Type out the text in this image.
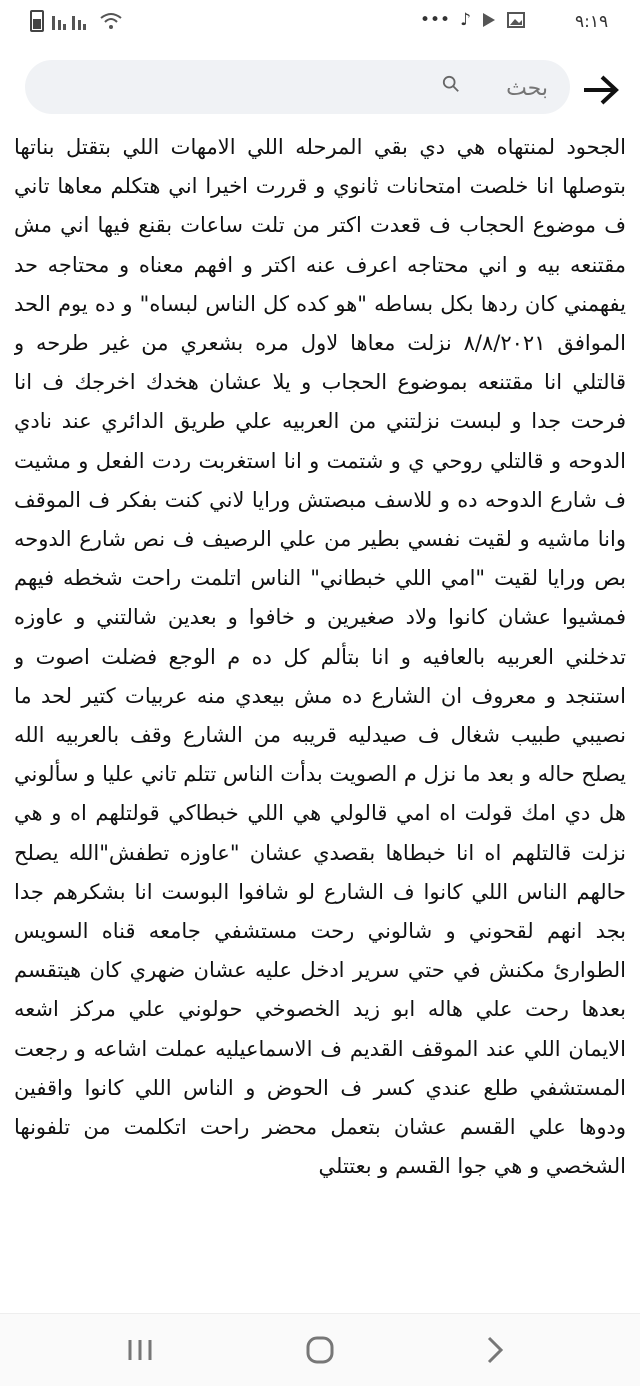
••• ♪	٩:١٩
بحث

الجحود لمنتهاه هي دي بقي المرحله اللي الامهات اللي بتقتل بناتها بتوصلها انا خلصت امتحانات ثانوي و قررت اخيرا اني هتكلم معاها تاني ف موضوع الحجاب ف قعدت اكتر من تلت ساعات بقنع فيها اني مش مقتنعه بيه و اني محتاجه اعرف عنه اكتر و افهم معناه و محتاجه حد يفهمني كان ردها بكل بساطه "هو كده كل الناس لبساه" و ده يوم الحد الموافق ٨/٨/٢٠٢١ نزلت معاها لاول مره بشعري من غير طرحه و قالتلي انا مقتنعه بموضوع الحجاب و يلا عشان هخدك اخرجك ف انا فرحت جدا و لبست نزلتني من العربيه علي طريق الدائري عند نادي الدوحه و قالتلي روحي ي و شتمت و انا استغربت ردت الفعل و مشيت ف شارع الدوحه ده و للاسف مبصتش ورايا لاني كنت بفكر ف الموقف وانا ماشيه و لقيت نفسي بطير من علي الرصيف ف نص شارع الدوحه بص ورايا لقيت "امي اللي خبطاني" الناس اتلمت راحت شخطه فيهم فمشيوا عشان كانوا ولاد صغيرين و خافوا و بعدين شالتني و عاوزه تدخلني العربيه بالعافيه و انا بتألم كل ده م الوجع فضلت اصوت و استنجد و معروف ان الشارع ده مش بيعدي منه عربيات كتير لحد ما نصيبي طبيب شغال ف صيدليه قريبه من الشارع وقف بالعربيه الله يصلح حاله و بعد ما نزل م الصويت بدأت الناس تتلم تاني عليا و سألوني هل دي امك قولت اه امي قالولي هي اللي خبطاكي قولتلهم اه و هي نزلت قالتلهم اه انا خبطاها بقصدي عشان "عاوزه تطفش"الله يصلح حالهم الناس اللي كانوا ف الشارع لو شافوا البوست انا بشكرهم جدا بجد انهم لقحوني و شالوني رحت مستشفي جامعه قناه السويس الطوارئ مكنش في حتي سرير ادخل عليه عشان ضهري كان هيتقسم بعدها رحت علي هاله ابو زيد الخصوخي حولوني علي مركز اشعه الايمان اللي عند الموقف القديم ف الاسماعيليه عملت اشاعه و رجعت المستشفي طلع عندي كسر ف الحوض و الناس اللي كانوا واقفين ودوها علي القسم عشان بتعمل محضر راحت اتكلمت من تلفونها الشخصي و هي جوا القسم و بعتتلي
